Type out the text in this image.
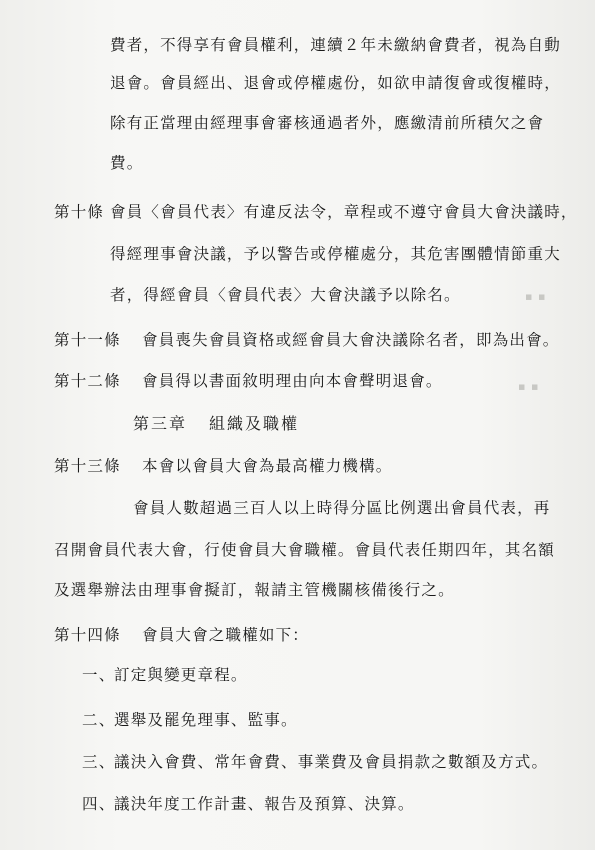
▪ ▪
▪ ▪
費者，不得享有會員權利，連續２年未繳納會費者，視為自動
退會。會員經出、退會或停權處份，如欲申請復會或復權時，
除有正當理由經理事會審核通過者外，應繳清前所積欠之會
費。
第十條 會員〈會員代表〉有違反法令，章程或不遵守會員大會決議時，
得經理事會決議，予以警告或停權處分，其危害團體情節重大
者，得經會員〈會員代表〉大會決議予以除名。
第十一條 會員喪失會員資格或經會員大會決議除名者，即為出會。
第十二條 會員得以書面敘明理由向本會聲明退會。
第三章 組織及職權
第十三條 本會以會員大會為最高權力機構。
會員人數超過三百人以上時得分區比例選出會員代表，再
召開會員代表大會，行使會員大會職權。會員代表任期四年，其名額
及選舉辦法由理事會擬訂，報請主管機關核備後行之。
第十四條 會員大會之職權如下：
一、訂定與變更章程。
二、選舉及罷免理事、監事。
三、議決入會費、常年會費、事業費及會員捐款之數額及方式。
四、議決年度工作計畫、報告及預算、決算。
